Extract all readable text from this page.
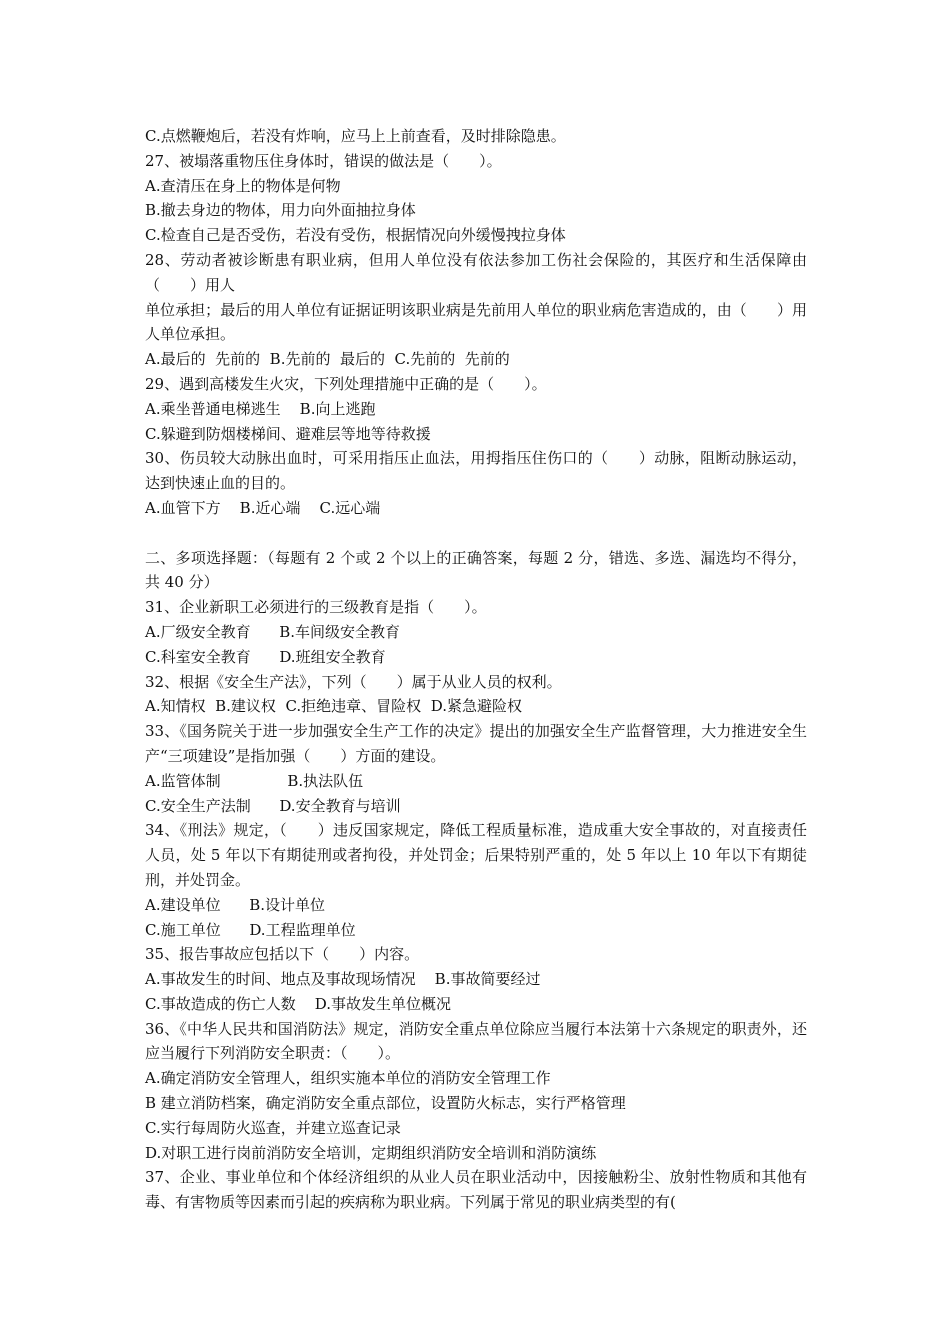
C.点燃鞭炮后，若没有炸响，应马上上前查看，及时排除隐患。
27、被塌落重物压住身体时，错误的做法是（　　）。
A.查清压在身上的物体是何物
B.撤去身边的物体，用力向外面抽拉身体
C.检查自己是否受伤，若没有受伤，根据情况向外缓慢拽拉身体
28、劳动者被诊断患有职业病，但用人单位没有依法参加工伤社会保险的，其医疗和生活保障由（　　）用人
单位承担；最后的用人单位有证据证明该职业病是先前用人单位的职业病危害造成的，由（　　）用人单位承担。
A.最后的  先前的  B.先前的  最后的  C.先前的  先前的
29、遇到高楼发生火灾，下列处理措施中正确的是（　　）。
A.乘坐普通电梯逃生    B.向上逃跑
C.躲避到防烟楼梯间、避难层等地等待救援
30、伤员较大动脉出血时，可采用指压止血法，用拇指压住伤口的（　　）动脉，阻断动脉运动，达到快速止血的目的。
A.血管下方    B.近心端    C.远心端
二、多项选择题：（每题有 2 个或 2 个以上的正确答案，每题 2 分，错选、多选、漏选均不得分，共 40 分）
31、企业新职工必须进行的三级教育是指（　　）。
A.厂级安全教育      B.车间级安全教育
C.科室安全教育      D.班组安全教育
32、根据《安全生产法》，下列（　　）属于从业人员的权利。
A.知情权  B.建议权  C.拒绝违章、冒险权  D.紧急避险权
33、《国务院关于进一步加强安全生产工作的决定》提出的加强安全生产监督管理，大力推进安全生产“三项建设”是指加强（　　）方面的建设。
A.监管体制              B.执法队伍
C.安全生产法制      D.安全教育与培训
34、《刑法》规定，（　　）违反国家规定，降低工程质量标准，造成重大安全事故的，对直接责任人员，处 5 年以下有期徒刑或者拘役，并处罚金；后果特别严重的，处 5 年以上 10 年以下有期徒刑，并处罚金。
A.建设单位      B.设计单位
C.施工单位      D.工程监理单位
35、报告事故应包括以下（　　）内容。
A.事故发生的时间、地点及事故现场情况    B.事故简要经过
C.事故造成的伤亡人数    D.事故发生单位概况
36、《中华人民共和国消防法》规定，消防安全重点单位除应当履行本法第十六条规定的职责外，还应当履行下列消防安全职责：（　　）。
A.确定消防安全管理人，组织实施本单位的消防安全管理工作
B 建立消防档案，确定消防安全重点部位，设置防火标志，实行严格管理
C.实行每周防火巡查，并建立巡查记录
D.对职工进行岗前消防安全培训，定期组织消防安全培训和消防演练
37、企业、事业单位和个体经济组织的从业人员在职业活动中，因接触粉尘、放射性物质和其他有毒、有害物质等因素而引起的疾病称为职业病。下列属于常见的职业病类型的有(
